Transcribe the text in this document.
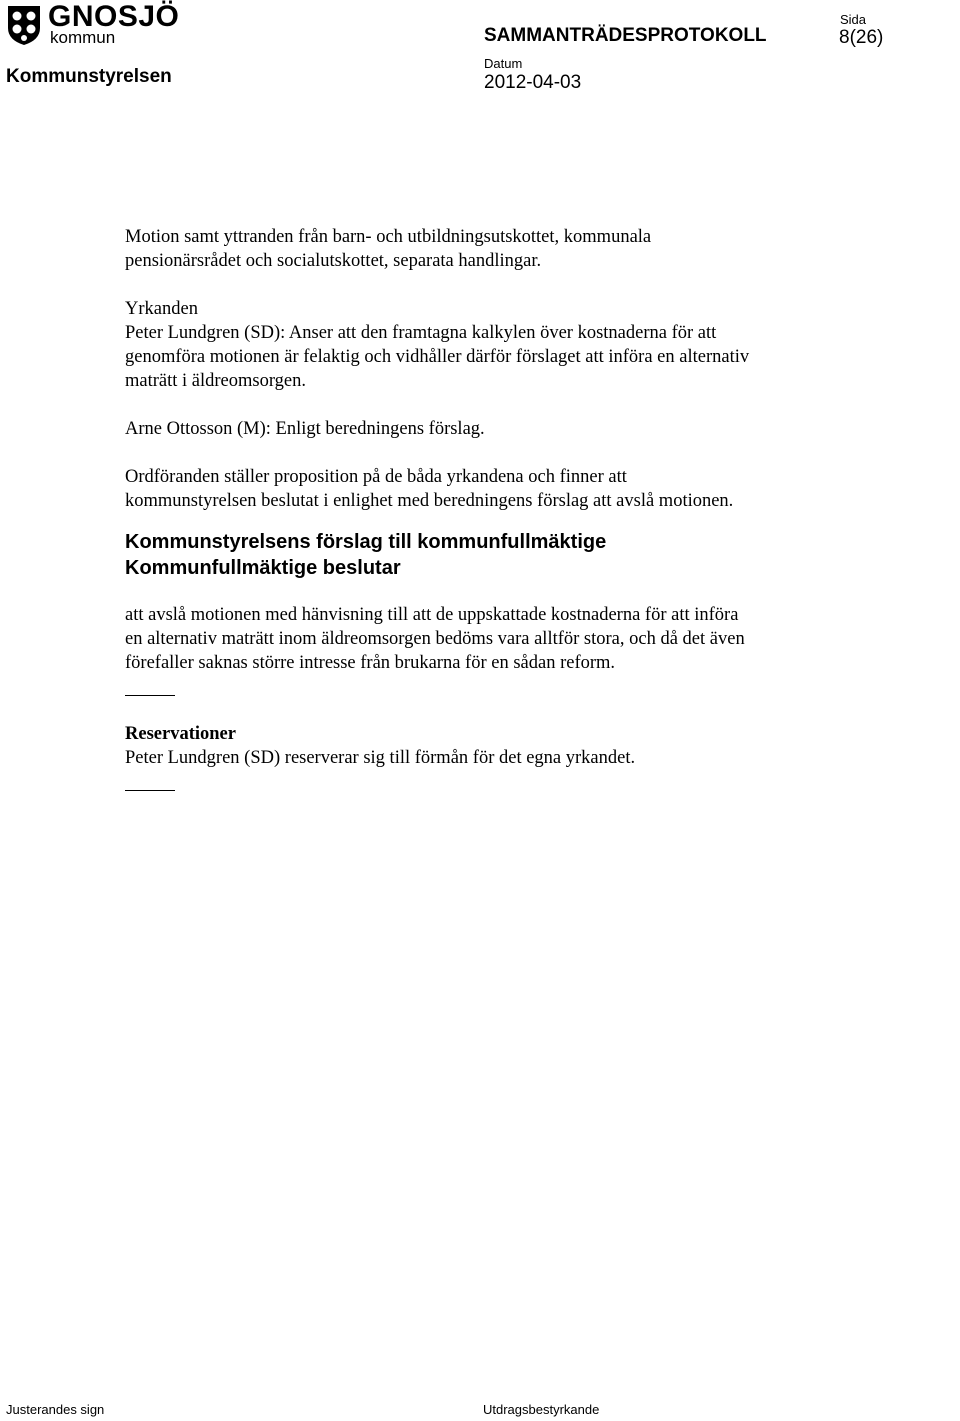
GNOSJÖ
kommun
Kommunstyrelsen
SAMMANTRÄDESPROTOKOLL
Sida
8(26)
Datum
2012-04-03

Motion samt yttranden från barn- och utbildningsutskottet, kommunala

pensionärsrådet och socialutskottet, separata handlingar.

Yrkanden

Peter Lundgren (SD): Anser att den framtagna kalkylen över kostnaderna för att

genomföra motionen är felaktig och vidhåller därför förslaget att införa en alternativ

maträtt i äldreomsorgen.

Arne Ottosson (M): Enligt beredningens förslag.

Ordföranden ställer proposition på de båda yrkandena och finner att

kommunstyrelsen beslutat i enlighet med beredningens förslag att avslå motionen.

Kommunstyrelsens förslag till kommunfullmäktige

Kommunfullmäktige beslutar

att avslå motionen med hänvisning till att de uppskattade kostnaderna för att införa

en alternativ maträtt inom äldreomsorgen bedöms vara alltför stora, och då det även

förefaller saknas större intresse från brukarna för en sådan reform.

Reservationer

Peter Lundgren (SD) reserverar sig till förmån för det egna yrkandet.

Justerandes sign	Utdragsbestyrkande
